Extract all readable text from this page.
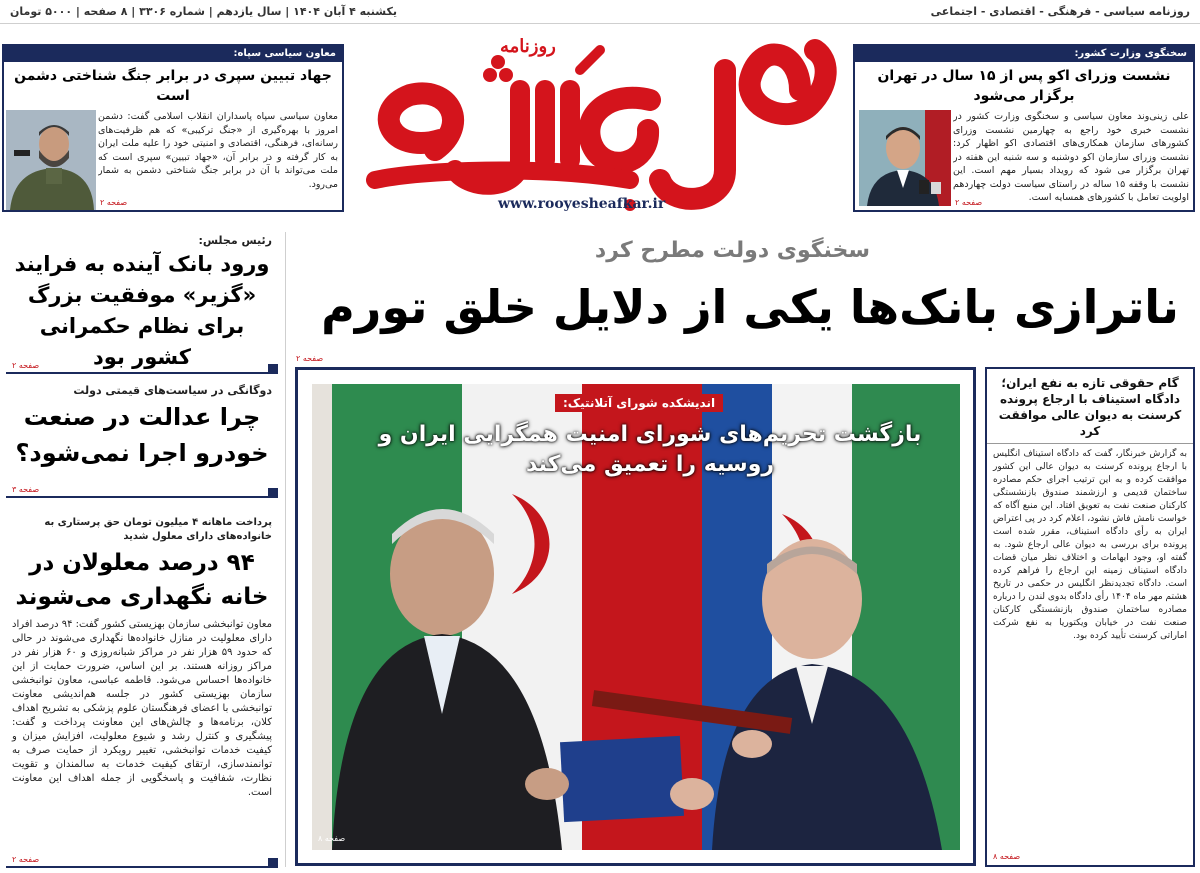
روزنامه سیاسی - فرهنگی - اقتصادی - اجتماعی
یکشنبه ۴ آبان ۱۴۰۴ | سال یازدهم | شماره ۳۳۰۶ | ۸ صفحه | ۵۰۰۰ تومان
سخنگوی وزارت کشور:
نشست وزرای اکو پس از ۱۵ سال در تهران برگزار می‌شود

علی زینی‌وند معاون سیاسی و سخنگوی وزارت کشور در نشست خبری خود راجع به چهارمین نشست وزرای کشورهای سازمان همکاری‌های اقتصادی اکو اظهار کرد: نشست وزرای سازمان اکو دوشنبه و سه شنبه این هفته در تهران برگزار می شود که رویداد بسیار مهم است. این نشست با وقفه ۱۵ ساله در راستای سیاست دولت چهاردهم اولویت تعامل با کشورهای همسایه است.

صفحه ۲
معاون سیاسی سپاه:
جهاد تبیین سپری در برابر جنگ شناختی دشمن است

معاون سیاسی سپاه پاسداران انقلاب اسلامی گفت: دشمن امروز با بهره‌گیری از «جنگ ترکیبی» که هم ظرفیت‌های رسانه‌ای، فرهنگی، اقتصادی و امنیتی خود را علیه ملت ایران به کار گرفته و در برابر آن، «جهاد تبیین» سپری است که ملت می‌تواند با آن در برابر جنگ شناختی دشمن به شمار می‌رود.

صفحه ۲
روزنامه
www.rooyesheafkar.ir
رئیس مجلس:
ورود بانک آینده به فرایند «گزیر» موفقیت بزرگ برای نظام حکمرانی کشور بود
صفحه ۲
دوگانگی در سیاست‌های قیمتی دولت
چرا عدالت در صنعت خودرو اجرا نمی‌شود؟
صفحه ۳
پرداخت ماهانه ۴ میلیون تومان حق پرستاری به خانواده‌های دارای معلول شدید
۹۴ درصد معلولان در خانه نگهداری می‌شوند

معاون توانبخشی سازمان بهزیستی کشور گفت: ۹۴ درصد افراد دارای معلولیت در منازل خانواده‌ها نگهداری می‌شوند در حالی که حدود ۵۹ هزار نفر در مراکز شبانه‌روزی و ۶۰ هزار نفر در مراکز روزانه هستند. بر این اساس، ضرورت حمایت از این خانواده‌ها احساس می‌شود. قاطمه عباسی، معاون توانبخشی سازمان بهزیستی کشور در جلسه هم‌اندیشی معاونت توانبخشی با اعضای فرهنگستان علوم پزشکی به تشریح اهداف کلان، برنامه‌ها و چالش‌های این معاونت پرداخت و گفت: پیشگیری و کنترل رشد و شیوع معلولیت، افزایش میزان و کیفیت خدمات توانبخشی، تغییر رویکرد از حمایت صرف به توانمندسازی، ارتقای کیفیت خدمات به سالمندان و تقویت نظارت، شفافیت و پاسخگویی از جمله اهداف این معاونت است.

صفحه ۲
سخنگوی دولت مطرح کرد
ناترازی بانک‌ها یکی از دلایل خلق تورم
صفحه ۲
صفحه ۸
اندیشکده شورای آتلانتیک:
بازگشت تحریم‌های شورای امنیت همگرایی ایران و روسیه را تعمیق می‌کند
گام حقوقی تازه به نفع ایران؛ دادگاه استیناف با ارجاع پرونده کرسنت به دیوان عالی موافقت کرد

به گزارش خبرنگار، گفت که دادگاه استیناف انگلیس با ارجاع پرونده کرسنت به دیوان عالی این کشور موافقت کرده و به این ترتیب اجرای حکم مصادره ساختمان قدیمی و ارزشمند صندوق بازنشستگی کارکنان صنعت نفت به تعویق افتاد. این منبع آگاه که خواست نامش فاش نشود، اعلام کرد در پی اعتراض ایران به رأی دادگاه استیناف، مقرر شده است پرونده برای بررسی به دیوان عالی ارجاع شود. به گفته او، وجود ابهامات و اختلاف نظر میان قضات دادگاه استیناف زمینه این ارجاع را فراهم کرده است. دادگاه تجدیدنظر انگلیس در حکمی در تاریخ هشتم مهر ماه ۱۴۰۴ رأی دادگاه بدوی لندن را درباره مصادره ساختمان صندوق بازنشستگی کارکنان صنعت نفت در خیابان ویکتوریا به نفع شرکت اماراتی کرسنت تأیید کرده بود.

صفحه ۸
